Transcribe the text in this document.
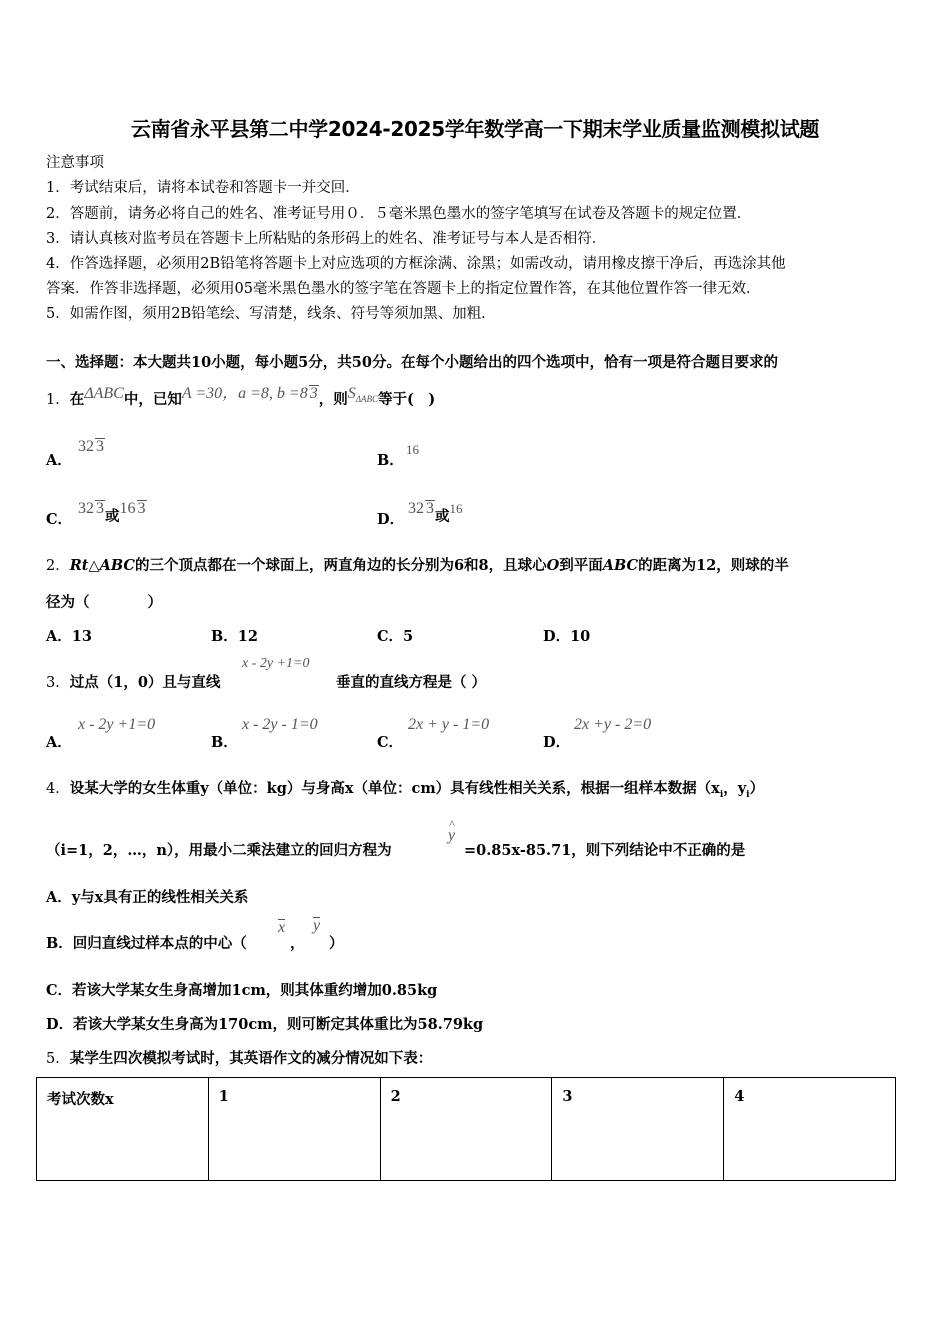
云南省永平县第二中学2024-2025学年数学高一下期末学业质量监测模拟试题
注意事项
1．考试结束后，请将本试卷和答题卡一并交回．
2．答题前，请务必将自己的姓名、准考证号用０．５毫米黑色墨水的签字笔填写在试卷及答题卡的规定位置．
3．请认真核对监考员在答题卡上所粘贴的条形码上的姓名、准考证号与本人是否相符．
4．作答选择题，必须用2B铅笔将答题卡上对应选项的方框涂满、涂黑；如需改动，请用橡皮擦干净后，再选涂其他
答案．作答非选择题，必须用05毫米黑色墨水的签字笔在答题卡上的指定位置作答，在其他位置作答一律无效．
5．如需作图，须用2B铅笔绘、写清楚，线条、符号等须加黑、加粗．
一、选择题：本大题共10小题，每小题5分，共50分。在每个小题给出的四个选项中，恰有一项是符合题目要求的
1．在ΔABC中，已知A =30，a =8, b =8 3，则$S_{\Delta ABC}$等于(　)
A．
32 3
B．
16
C．
32 3或16 3
D．
32 3或16
2．Rt△ABC的三个顶点都在一个球面上，两直角边的长分别为6和8，且球心O到平面ABC的距离为12，则球的半
径为（　　　　）
A．13	B．12	C．5	D．10
3．过点（1，0）且与直线
x - 2y +1=0
垂直的直线方程是（ ）
A．
x - 2y +1=0
B．
x - 2y - 1=0
C．
2x + y - 1=0
D．
2x +y - 2=0
4．设某大学的女生体重y（单位：kg）与身高x（单位：cm）具有线性相关关系，根据一组样本数据（$x_i$，$y_i$）
（i=1，2，…，n），用最小二乘法建立的回归方程为
^
y
=0.85x-85.71，则下列结论中不正确的是
A．y与x具有正的线性相关关系
B．回归直线过样本点的中心（
x
，
y
）
C．若该大学某女生身高增加1cm，则其体重约增加0.85kg
D．若该大学某女生身高为170cm，则可断定其体重比为58.79kg
5．某学生四次模拟考试时，其英语作文的减分情况如下表：
考试次数x	1	2	3	4
